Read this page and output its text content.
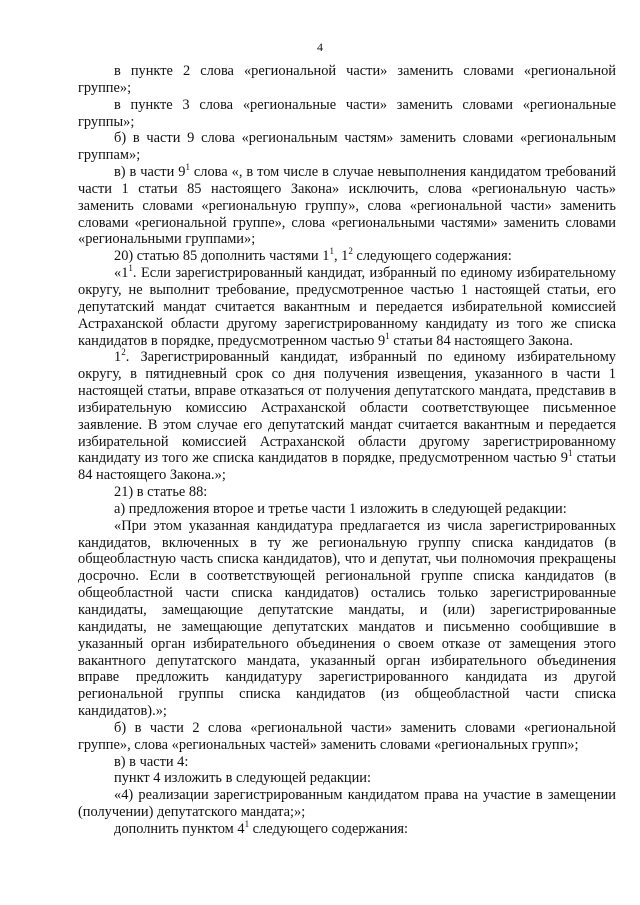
4

в пункте 2 слова «региональной части» заменить словами «региональной группе»;

в пункте 3 слова «региональные части» заменить словами «региональные группы»;

б) в части 9 слова «региональным частям» заменить словами «региональным группам»;

в) в части $9^1$ слова «, в том числе в случае невыполнения кандидатом требований части 1 статьи 85 настоящего Закона» исключить, слова «региональную часть» заменить словами «региональную группу», слова «региональной части» заменить словами «региональной группе», слова «региональными частями» заменить словами «региональными группами»;

20) статью 85 дополнить частями $1^1$, $1^2$ следующего содержания:

«$1^1$. Если зарегистрированный кандидат, избранный по единому избирательному округу, не выполнит требование, предусмотренное частью 1 настоящей статьи, его депутатский мандат считается вакантным и передается избирательной комиссией Астраханской области другому зарегистрированному кандидату из того же списка кандидатов в порядке, предусмотренном частью $9^1$ статьи 84 настоящего Закона.

$1^2$. Зарегистрированный кандидат, избранный по единому избирательному округу, в пятидневный срок со дня получения извещения, указанного в части 1 настоящей статьи, вправе отказаться от получения депутатского мандата, представив в избирательную комиссию Астраханской области соответствующее письменное заявление. В этом случае его депутатский мандат считается вакантным и передается избирательной комиссией Астраханской области другому зарегистрированному кандидату из того же списка кандидатов в порядке, предусмотренном частью $9^1$ статьи 84 настоящего Закона.»;

21) в статье 88:

а) предложения второе и третье части 1 изложить в следующей редакции:

«При этом указанная кандидатура предлагается из числа зарегистрированных кандидатов, включенных в ту же региональную группу списка кандидатов (в общеобластную часть списка кандидатов), что и депутат, чьи полномочия прекращены досрочно. Если в соответствующей региональной группе списка кандидатов (в общеобластной части списка кандидатов) остались только зарегистрированные кандидаты, замещающие депутатские мандаты, и (или) зарегистрированные кандидаты, не замещающие депутатских мандатов и письменно сообщившие в указанный орган избирательного объединения о своем отказе от замещения этого вакантного депутатского мандата, указанный орган избирательного объединения вправе предложить кандидатуру зарегистрированного кандидата из другой региональной группы списка кандидатов (из общеобластной части списка кандидатов).»;

б) в части 2 слова «региональной части» заменить словами «региональной группе», слова «региональных частей» заменить словами «региональных групп»;

в) в части 4:

пункт 4 изложить в следующей редакции:

«4) реализации зарегистрированным кандидатом права на участие в замещении (получении) депутатского мандата;»;

дополнить пунктом $4^1$ следующего содержания:
